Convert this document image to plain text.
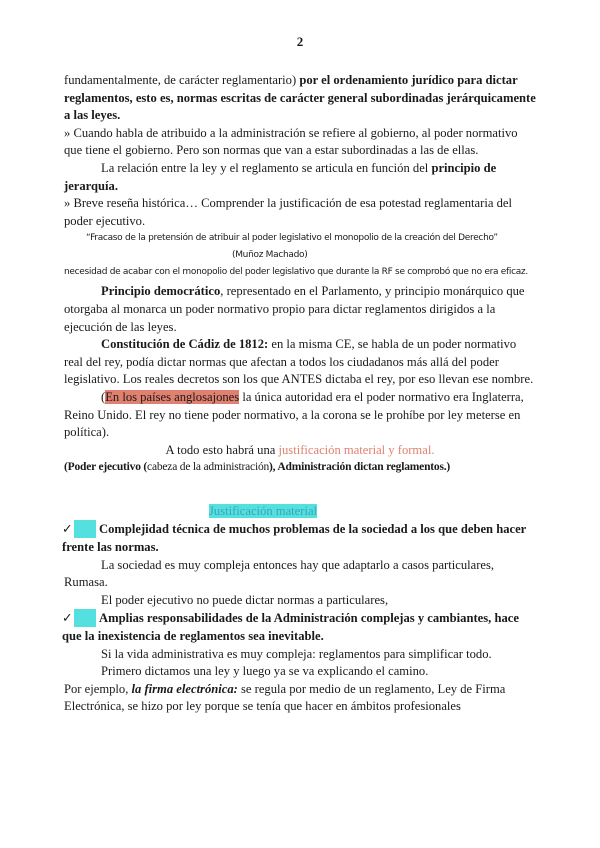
2

fundamentalmente, de carácter reglamentario) por el ordenamiento jurídico para dictar reglamentos, esto es, normas escritas de carácter general subordinadas jerárquicamente a las leyes.

» Cuando habla de atribuido a la administración se refiere al gobierno, al poder normativo que tiene el gobierno. Pero son normas que van a estar subordinadas a las de ellas.

La relación entre la ley y el reglamento se articula en función del principio de jerarquía.

» Breve reseña histórica… Comprender la justificación de esa potestad reglamentaria del poder ejecutivo.

“Fracaso de la pretensión de atribuir al poder legislativo el monopolio de la creación del Derecho”

(Muñoz Machado)

necesidad de acabar con el monopolio del poder legislativo que durante la RF se comprobó que no era eficaz.

Principio democrático, representado en el Parlamento, y principio monárquico que otorgaba al monarca un poder normativo propio para dictar reglamentos dirigidos a la ejecución de las leyes.

Constitución de Cádiz de 1812: en la misma CE, se habla de un poder normativo real del rey, podía dictar normas que afectan a todos los ciudadanos más allá del poder legislativo. Los reales decretos son los que ANTES dictaba el rey, por eso llevan ese nombre.

(En los países anglosajones la única autoridad era el poder normativo era Inglaterra, Reino Unido. El rey no tiene poder normativo, a la corona se le prohíbe por ley meterse en política).

A todo esto habrá una justificación material y formal.

(Poder ejecutivo (cabeza de la administración), Administración dictan reglamentos.)

Justificación material

✓ Complejidad técnica de muchos problemas de la sociedad a los que deben hacer frente las normas.

La sociedad es muy compleja entonces hay que adaptarlo a casos particulares, Rumasa.

El poder ejecutivo no puede dictar normas a particulares,

✓ Amplias responsabilidades de la Administración complejas y cambiantes, hace que la inexistencia de reglamentos sea inevitable.

Si la vida administrativa es muy compleja: reglamentos para simplificar todo.

Primero dictamos una ley y luego ya se va explicando el camino.

Por ejemplo, la firma electrónica: se regula por medio de un reglamento, Ley de Firma Electrónica, se hizo por ley porque se tenía que hacer en ámbitos profesionales
